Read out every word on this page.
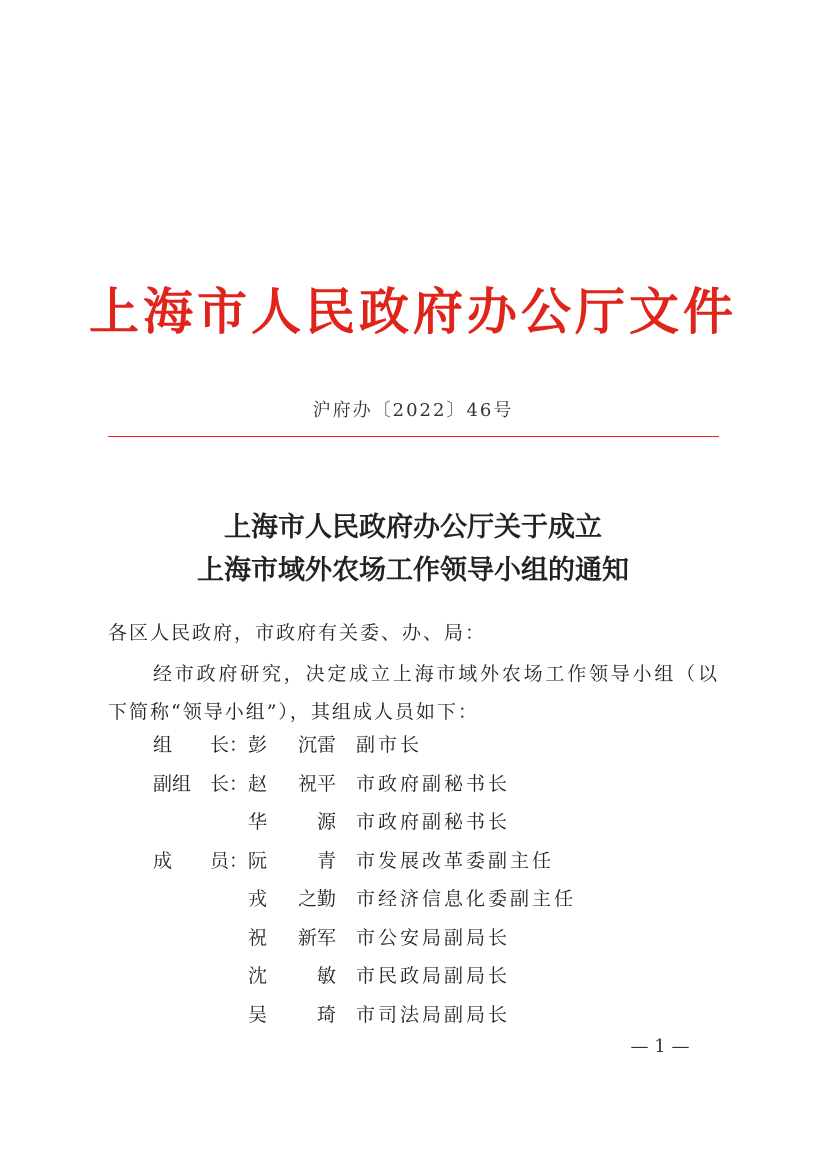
上海市人民政府办公厅文件
沪府办〔2022〕46号
上海市人民政府办公厅关于成立
上海市域外农场工作领导小组的通知
各区人民政府，市政府有关委、办、局：
经市政府研究，决定成立上海市域外农场工作领导小组（以下简称“领导小组”），其组成人员如下：
组 长 ： 彭 沉雷 副市长
副组 长 ： 赵 祝平 市政府副秘书长
华	源 市政府副秘书长
成 员 ： 阮	青 市发展改革委副主任
戎 之勤 市经济信息化委副主任
祝 新军 市公安局副局长
沈	敏 市民政局副局长
吴	琦 市司法局副局长
— 1 —
